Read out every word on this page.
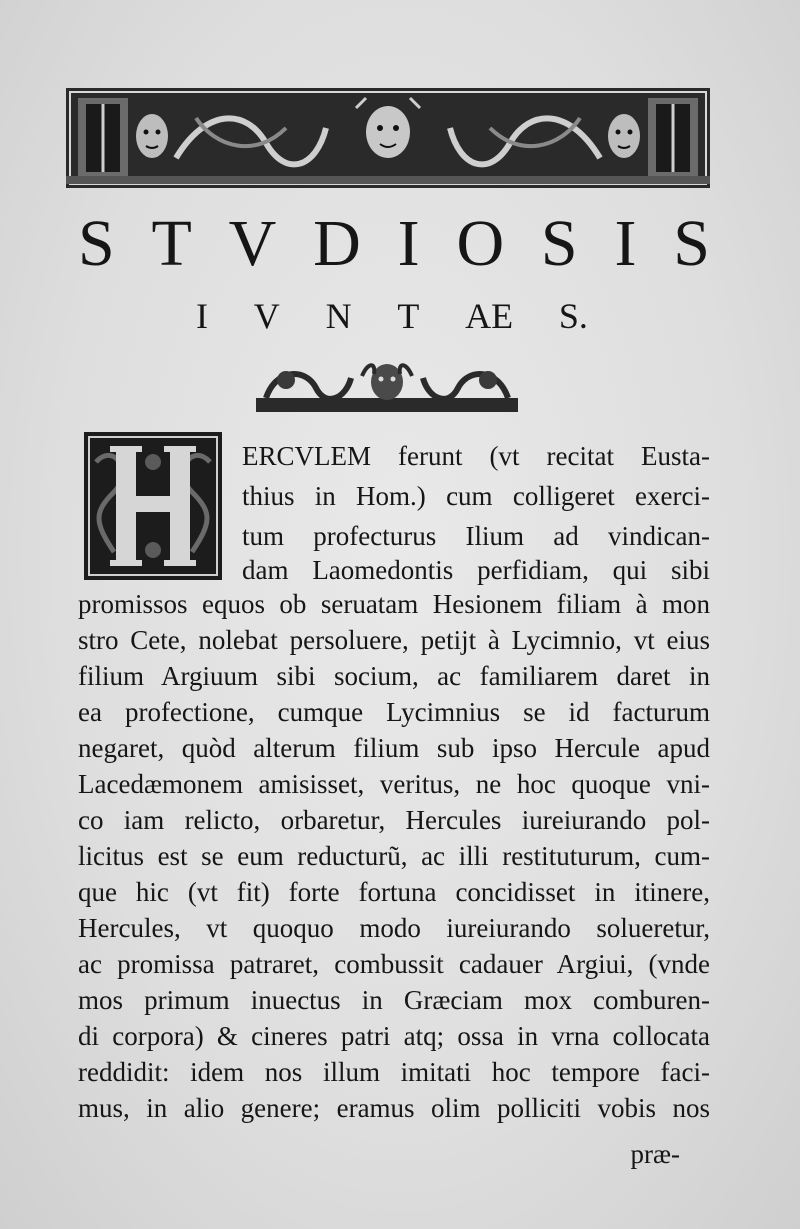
S T V D I O S I S
I V N T AE S.
ERCVLEM ferunt (vt recitat Eusta-
thius in Hom.) cum colligeret exerci-
tum profecturus Ilium ad vindican-
dam Laomedontis perfidiam, qui sibi
promissos equos ob seruatam Hesionem filiam à mon
stro Cete, nolebat persoluere, petijt à Lycimnio, vt eius
filium Argiuum sibi socium, ac familiarem daret in
ea profectione, cumque Lycimnius se id facturum
negaret, quòd alterum filium sub ipso Hercule apud
Lacedæmonem amisisset, veritus, ne hoc quoque vni-
co iam relicto, orbaretur, Hercules iureiurando pol-
licitus est se eum reducturũ, ac illi restituturum, cum-
que hic (vt fit) forte fortuna concidisset in itinere,
Hercules, vt quoquo modo iureiurando solueretur,
ac promissa patraret, combussit cadauer Argiui, (vnde
mos primum inuectus in Græciam mox comburen-
di corpora) & cineres patri atq; ossa in vrna collocata
reddidit: idem nos illum imitati hoc tempore faci-
mus, in alio genere; eramus olim polliciti vobis nos
præ-
